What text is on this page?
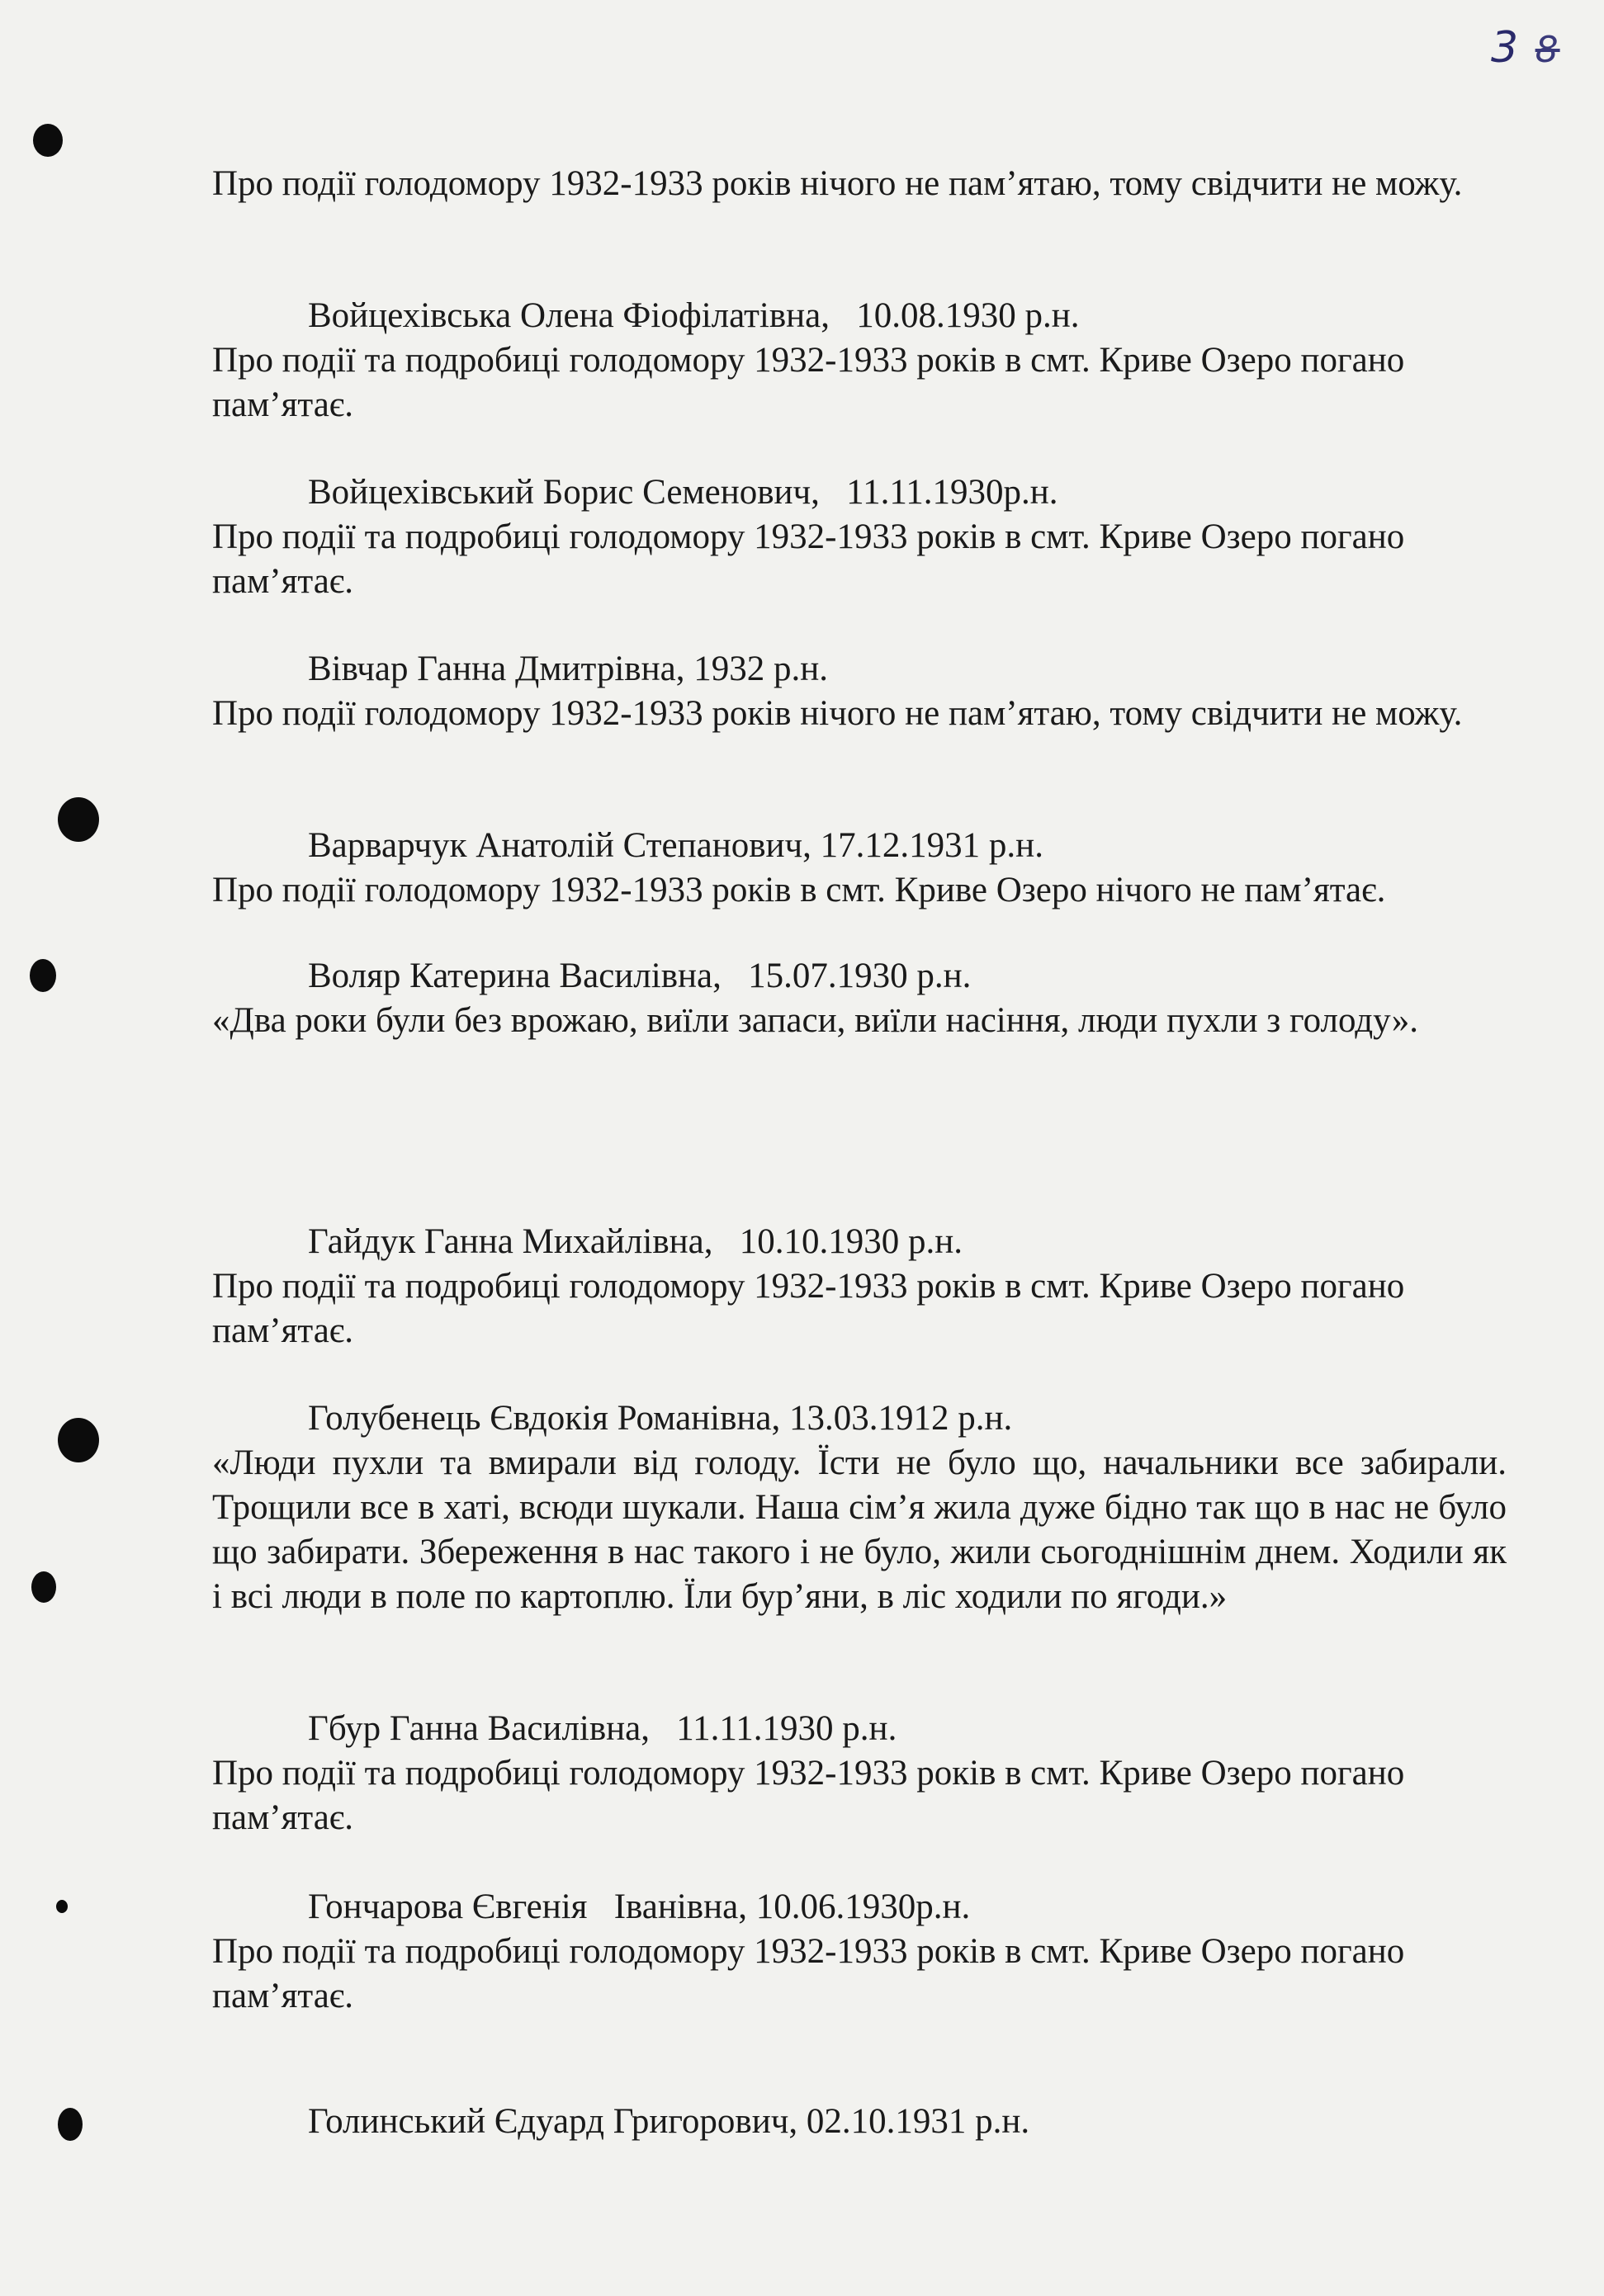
3 8

Про події голодомору 1932-1933 років нічого не пам’ятаю, тому свідчити не можу.

Войцехівська Олена Фіофілатівна,   10.08.1930 р.н.

Про події та подробиці голодомору 1932-1933 років в смт. Криве Озеро погано пам’ятає.

Войцехівський Борис Семенович,   11.11.1930р.н.

Про події та подробиці голодомору 1932-1933 років в смт. Криве Озеро погано пам’ятає.

Вівчар Ганна Дмитрівна, 1932 р.н.

Про події голодомору 1932-1933 років нічого не пам’ятаю, тому свідчити не можу.

Варварчук Анатолій Степанович, 17.12.1931 р.н.

Про події голодомору 1932-1933 років в смт. Криве Озеро нічого не пам’ятає.

Воляр Катерина Василівна,   15.07.1930 р.н.

«Два роки були без врожаю, виїли запаси, виїли насіння, люди пухли з голоду».

Гайдук Ганна Михайлівна,   10.10.1930 р.н.

Про події та подробиці голодомору 1932-1933 років в смт. Криве Озеро погано пам’ятає.

Голубенець Євдокія Романівна, 13.03.1912 р.н.

«Люди пухли та вмирали від голоду. Їсти не було що, начальники все забирали. Трощили все в хаті, всюди шукали. Наша сім’я жила дуже бідно так що в нас не було що забирати. Збереження в нас такого і не було, жили сьогоднішнім днем. Ходили як і всі люди в поле по картоплю. Їли бур’яни, в ліс ходили по ягоди.»

Гбур Ганна Василівна,   11.11.1930 р.н.

Про події та подробиці голодомору 1932-1933 років в смт. Криве Озеро погано пам’ятає.

Гончарова Євгенія   Іванівна, 10.06.1930р.н.

Про події та подробиці голодомору 1932-1933 років в смт. Криве Озеро погано пам’ятає.

Голинський Єдуард Григорович, 02.10.1931 р.н.
